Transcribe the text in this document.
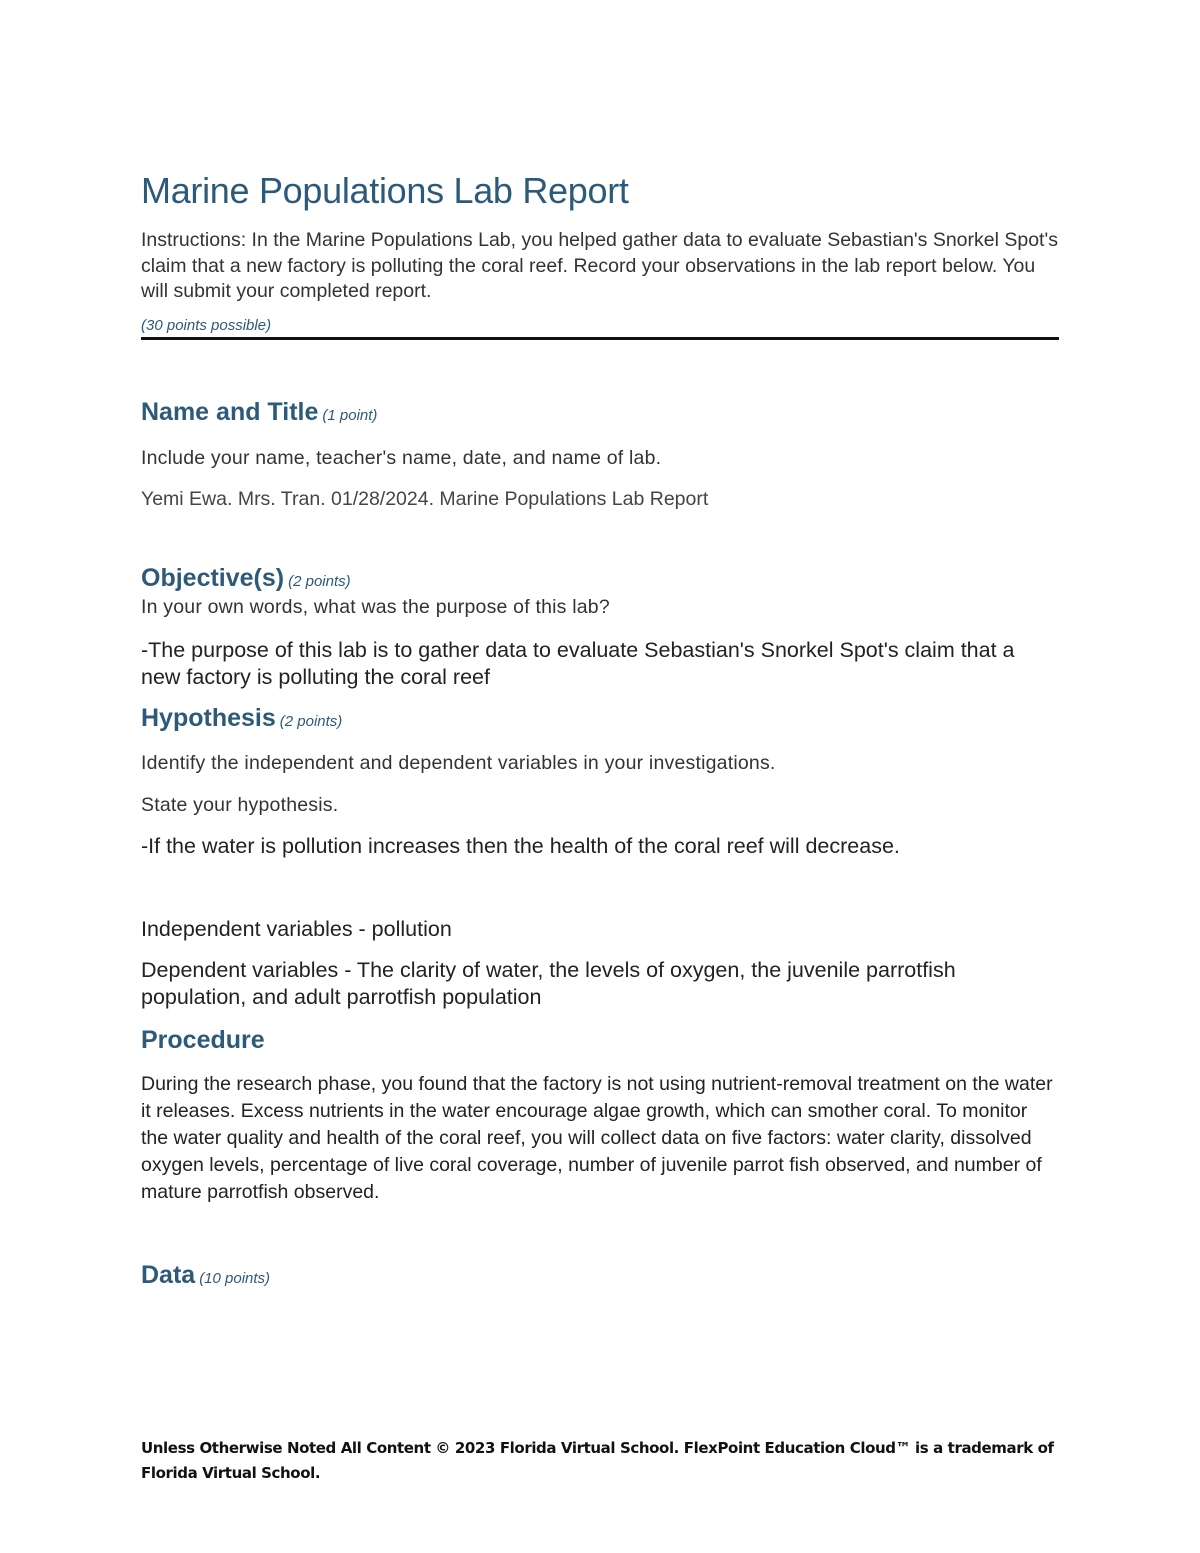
Marine Populations Lab Report
Instructions: In the Marine Populations Lab, you helped gather data to evaluate Sebastian's Snorkel Spot's claim that a new factory is polluting the coral reef. Record your observations in the lab report below. You will submit your completed report.
(30 points possible)
Name and Title (1 point)
Include your name, teacher's name, date, and name of lab.
Yemi Ewa. Mrs. Tran. 01/28/2024. Marine Populations Lab Report
Objective(s) (2 points)
In your own words, what was the purpose of this lab?
-The purpose of this lab is to gather data to evaluate Sebastian's Snorkel Spot's claim that a new factory is polluting the coral reef
Hypothesis (2 points)
Identify the independent and dependent variables in your investigations.
State your hypothesis.
-If the water is pollution increases then the health of the coral reef will decrease.
Independent variables - pollution
Dependent variables - The clarity of water, the levels of oxygen, the juvenile parrotfish population, and adult parrotfish population
Procedure
During the research phase, you found that the factory is not using nutrient-removal treatment on the water it releases. Excess nutrients in the water encourage algae growth, which can smother coral. To monitor the water quality and health of the coral reef, you will collect data on five factors: water clarity, dissolved oxygen levels, percentage of live coral coverage, number of juvenile parrot fish observed, and number of mature parrotfish observed.
Data (10 points)
Unless Otherwise Noted All Content © 2023 Florida Virtual School. FlexPoint Education Cloud™ is a trademark of Florida Virtual School.
